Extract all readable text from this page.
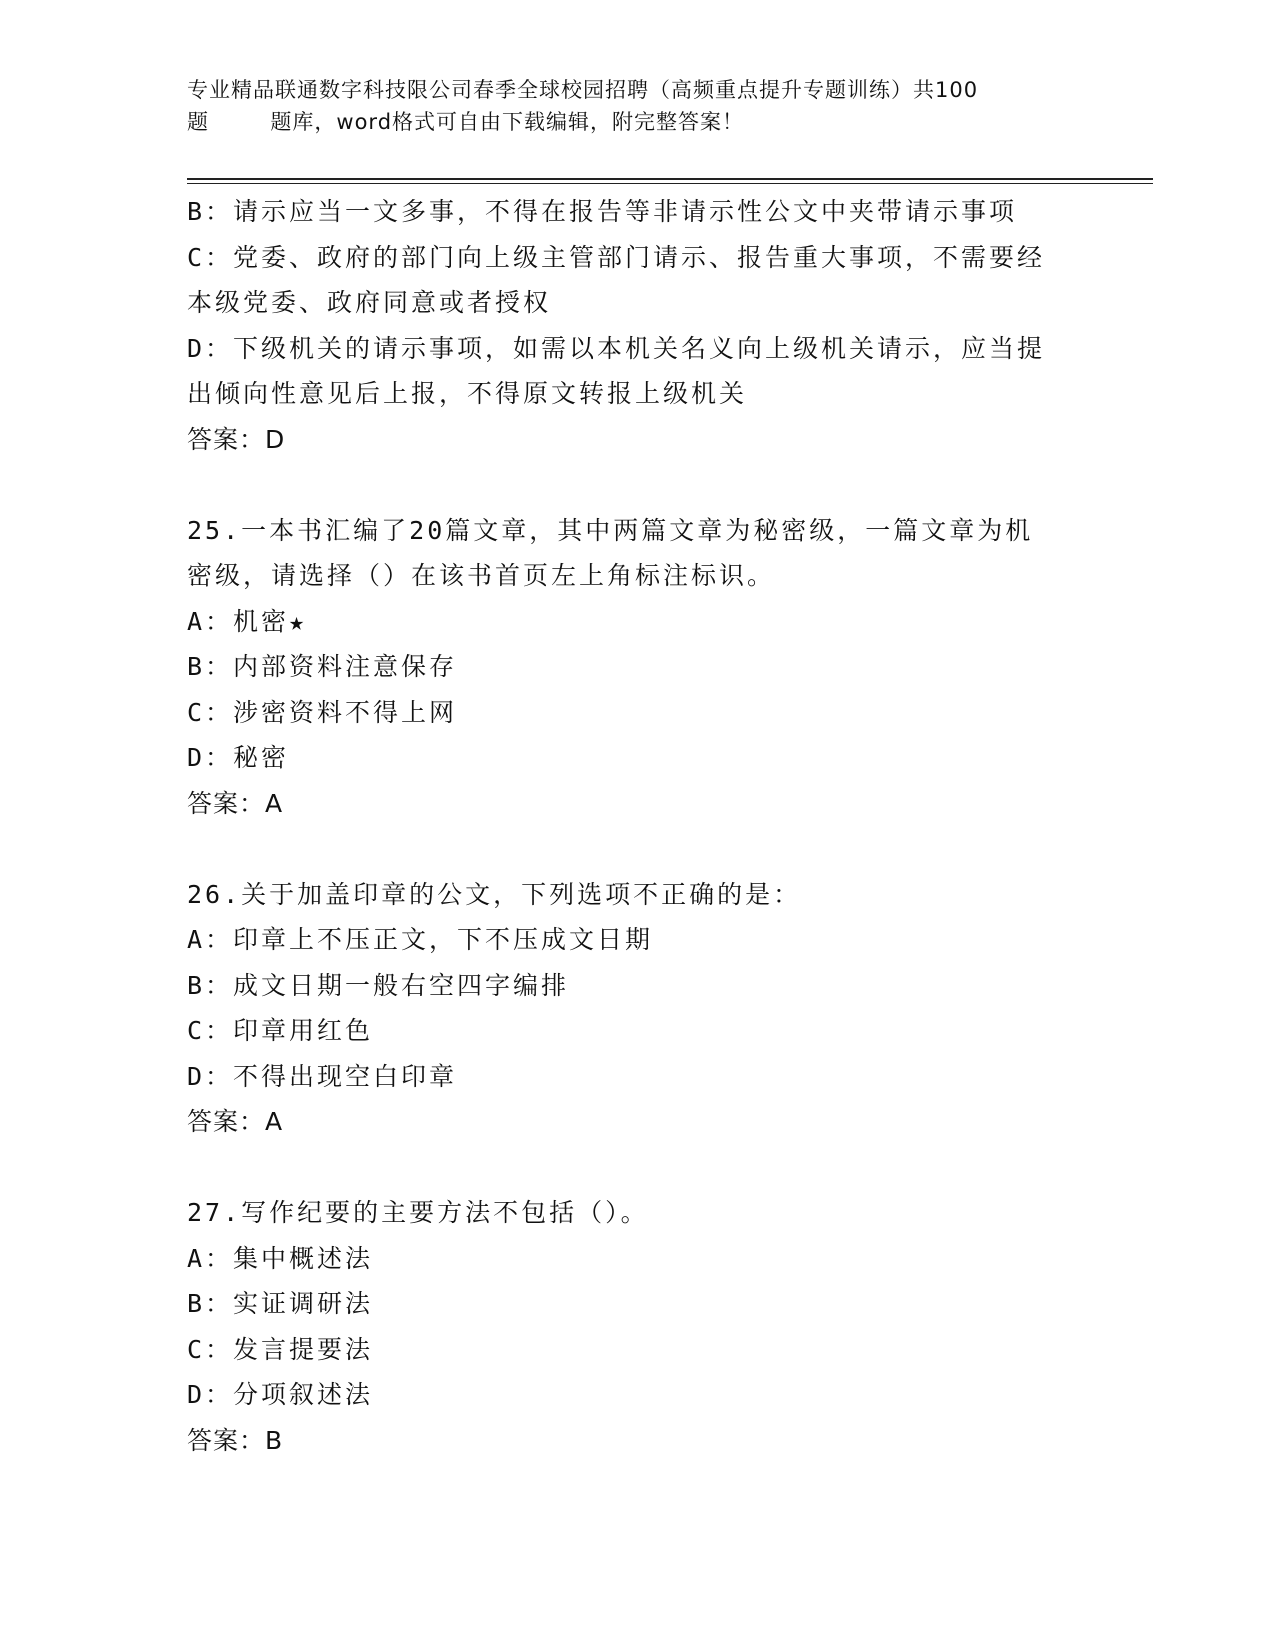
专业精品联通数字科技限公司春季全球校园招聘（高频重点提升专题训练）共100
题        题库，word格式可自由下载编辑，附完整答案！
B：请示应当一文多事，不得在报告等非请示性公文中夹带请示事项
C：党委、政府的部门向上级主管部门请示、报告重大事项，不需要经
本级党委、政府同意或者授权
D：下级机关的请示事项，如需以本机关名义向上级机关请示，应当提
出倾向性意见后上报，不得原文转报上级机关
答案：D
25.一本书汇编了20篇文章，其中两篇文章为秘密级，一篇文章为机
密级，请选择（）在该书首页左上角标注标识。
A：机密★
B：内部资料注意保存
C：涉密资料不得上网
D：秘密
答案：A
26.关于加盖印章的公文，下列选项不正确的是：
A：印章上不压正文，下不压成文日期
B：成文日期一般右空四字编排
C：印章用红色
D：不得出现空白印章
答案：A
27.写作纪要的主要方法不包括（）。
A：集中概述法
B：实证调研法
C：发言提要法
D：分项叙述法
答案：B
